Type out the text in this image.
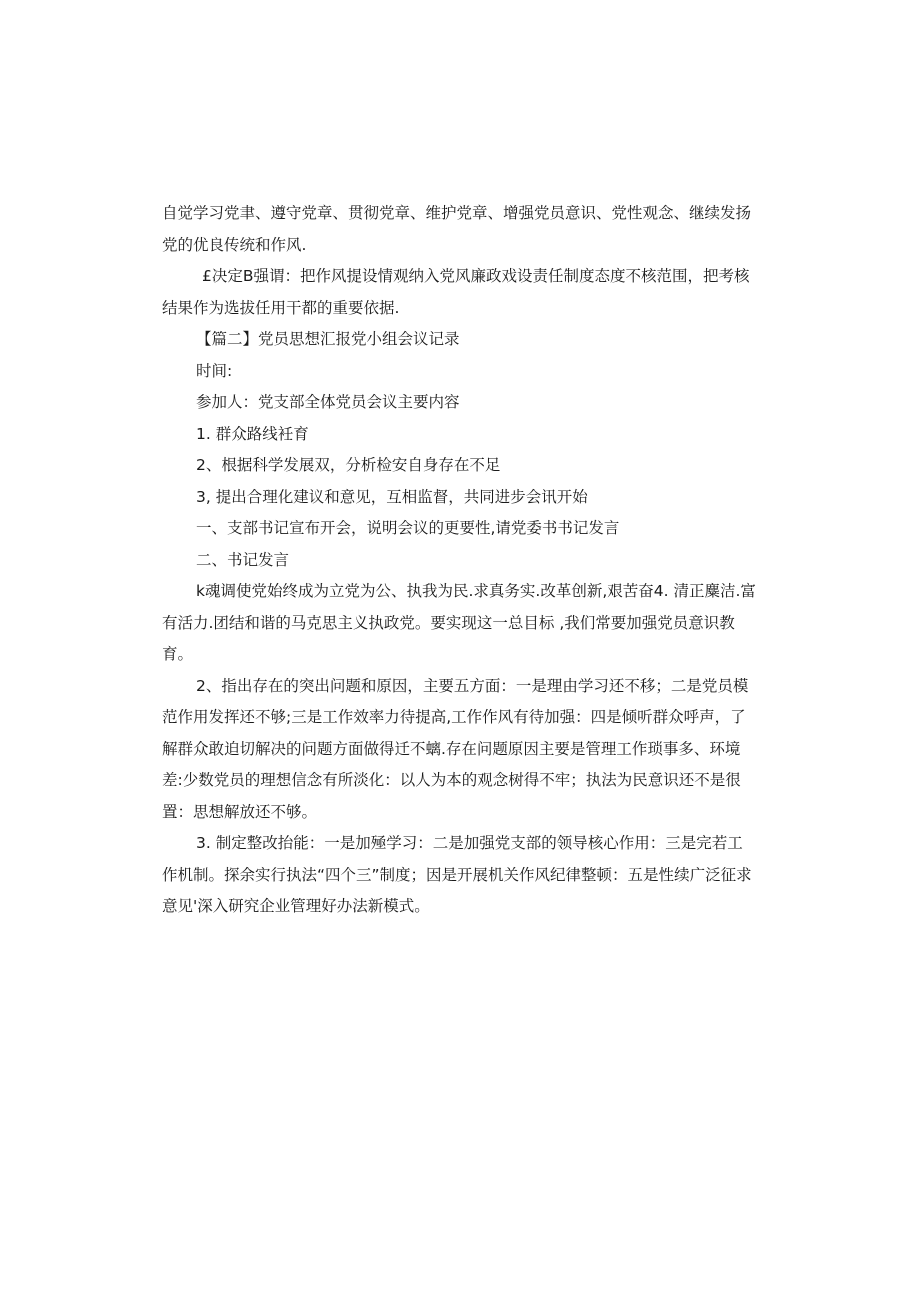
自觉学习党聿、遵守党章、贯彻党章、维护党章、增强党员意识、党性观念、继续发扬党的优良传统和作风.

£决定B强谓：把作风提设情观纳入党风廉政戏设责任制度态度不核范围，把考核结果作为选拔任用干都的重要依据.

【篇二】党员思想汇报党小组会议记录

时间:

参加人：党支部全体党员会议主要内容

1. 群众路线衽育

2、根据科学发展双，分析检安自身存在不足

3, 提出合理化建议和意见，互相监督，共同进步会讯开始

一、支部书记宣布开会，说明会议的更要性,请党委书书记发言

二、书记发言

k魂调使党始终成为立党为公、执我为民.求真务实.改革创新,艰苦奋4. 清正麋洁.富有活力.团结和谐的马克思主义执政党。要实现这一总目标 ,我们常要加强党员意识教育。

2、指出存在的突出问题和原因，主要五方面：一是理由学习还不移；二是党员模范作用发挥还不够;三是工作效率力待提高,工作作风有待加强：四是倾听群众呼声，了解群众敢迫切解决的问题方面做得迁不螭.存在问题原因主要是管理工作琐事多、环境差:少数党员的理想信念有所淡化：以人为本的观念树得不牢；执法为民意识还不是很置：思想解放还不够。

3. 制定整改抬能：一是加殛学习：二是加强党支部的领导核心作用：三是完若工作机制。探余实行执法“四个三”制度；因是开展机关作风纪律整顿：五是性续广泛征求意见'深入研究企业管理好办法新模式。
